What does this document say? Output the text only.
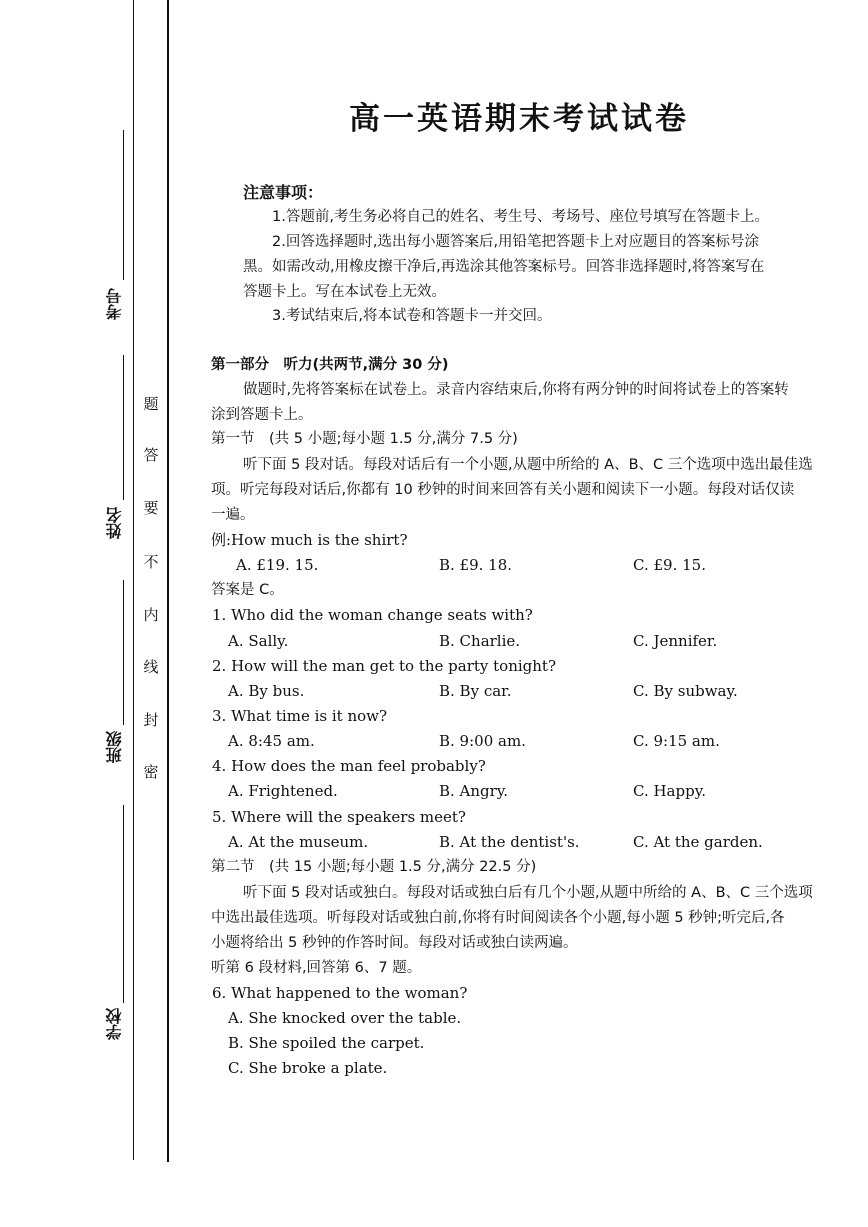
考号
姓名
班级
学校
题
答
要
不
内
线
封
密
高一英语期末考试试卷
注意事项：
1.答题前,考生务必将自己的姓名、考生号、考场号、座位号填写在答题卡上。
2.回答选择题时,选出每小题答案后,用铅笔把答题卡上对应题目的答案标号涂
黑。如需改动,用橡皮擦干净后,再选涂其他答案标号。回答非选择题时,将答案写在
答题卡上。写在本试卷上无效。
3.考试结束后,将本试卷和答题卡一并交回。
第一部分　听力(共两节,满分 30 分)
做题时,先将答案标在试卷上。录音内容结束后,你将有两分钟的时间将试卷上的答案转
涂到答题卡上。
第一节　(共 5 小题;每小题 1.5 分,满分 7.5 分)
听下面 5 段对话。每段对话后有一个小题,从题中所给的 A、B、C 三个选项中选出最佳选
项。听完每段对话后,你都有 10 秒钟的时间来回答有关小题和阅读下一小题。每段对话仅读
一遍。
例:How much is the shirt?
A. £19. 15.	B. £9. 18.	C. £9. 15.
答案是 C。
1. Who did the woman change seats with?
A. Sally.	B. Charlie.	C. Jennifer.
2. How will the man get to the party tonight?
A. By bus.	B. By car.	C. By subway.
3. What time is it now?
A. 8:45 am.	B. 9:00 am.	C. 9:15 am.
4. How does the man feel probably?
A. Frightened.	B. Angry.	C. Happy.
5. Where will the speakers meet?
A. At the museum.	B. At the dentist's.	C. At the garden.
第二节　(共 15 小题;每小题 1.5 分,满分 22.5 分)
听下面 5 段对话或独白。每段对话或独白后有几个小题,从题中所给的 A、B、C 三个选项
中选出最佳选项。听每段对话或独白前,你将有时间阅读各个小题,每小题 5 秒钟;听完后,各
小题将给出 5 秒钟的作答时间。每段对话或独白读两遍。
听第 6 段材料,回答第 6、7 题。
6. What happened to the woman?
A. She knocked over the table.
B. She spoiled the carpet.
C. She broke a plate.
